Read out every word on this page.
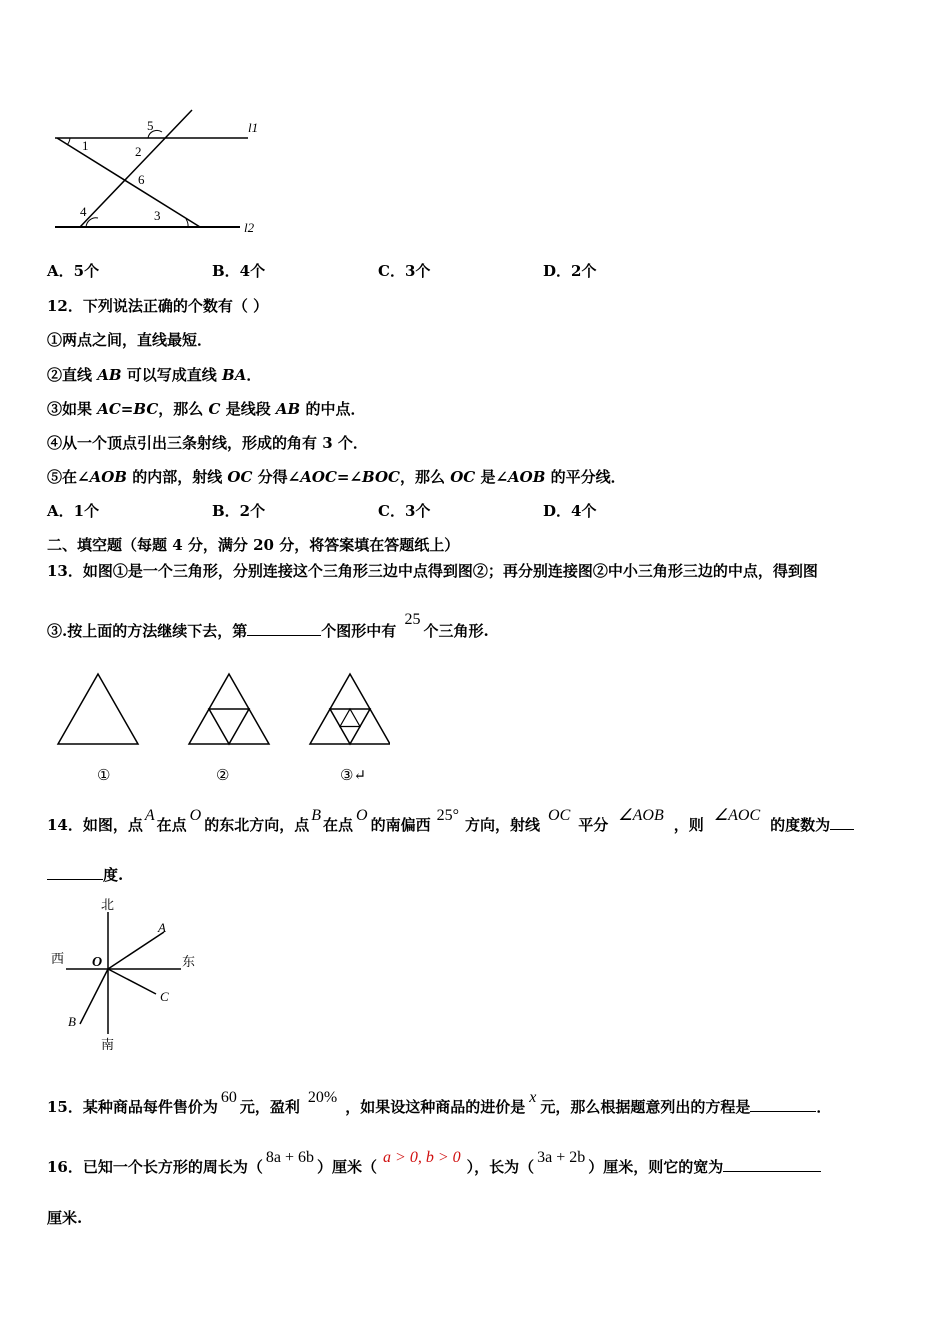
5	l1
1	2
6
4	3
l2
A．5个	B．4个	C．3个	D．2个
12．下列说法正确的个数有（ ）
①两点之间，直线最短．
②直线 AB 可以写成直线 BA．
③如果 AC=BC，那么 C 是线段 AB 的中点．
④从一个顶点引出三条射线，形成的角有 3 个．
⑤在∠AOB 的内部，射线 OC 分得∠AOC=∠BOC，那么 OC 是∠AOB 的平分线．
A．1个	B．2个	C．3个	D．4个
二、填空题（每题 4 分，满分 20 分，将答案填在答题纸上）
13．如图①是一个三角形，分别连接这个三角形三边中点得到图②；再分别连接图②中小三角形三边的中点，得到图
③.按上面的方法继续下去，第	个图形中有 25个三角形.
①	②	③↵
14．如图，点A在点O的东北方向，点B在点O的南偏西25°方向，射线OC平分∠AOB，则∠AOC的度数为
度.
北
南
西	东
O
A
B
C
15．某种商品每件售价为60元，盈利20%，如果设这种商品的进价是x元，那么根据题意列出的方程是	．
16．已知一个长方形的周长为（8a + 6b）厘米（a > 0, b > 0），长为（3a + 2b）厘米，则它的宽为
厘米.
